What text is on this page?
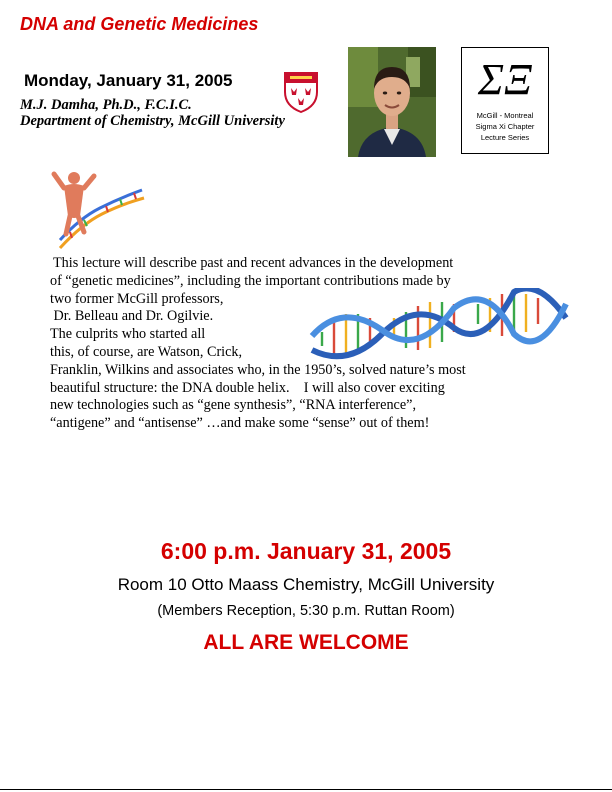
DNA and Genetic Medicines
Monday, January 31, 2005
M.J. Damha, Ph.D., F.C.I.C.
Department of Chemistry, McGill University
ΣΞ
McGill - Montreal
Sigma Xi Chapter
Lecture Series

This lecture will describe past and recent advances in the development

of “genetic medicines”, including the important contributions made by

two former McGill professors,

Dr. Belleau and Dr. Ogilvie.

The culprits who started all

this, of course, are Watson, Crick,

Franklin, Wilkins and associates who, in the 1950’s, solved nature’s most

beautiful structure: the DNA double helix.    I will also cover exciting

new technologies such as “gene synthesis”, “RNA interference”,

“antigene” and “antisense” …and make some “sense” out of them!

6:00 p.m. January 31, 2005
Room 10 Otto Maass Chemistry, McGill University
(Members Reception, 5:30 p.m. Ruttan Room)
ALL ARE WELCOME
